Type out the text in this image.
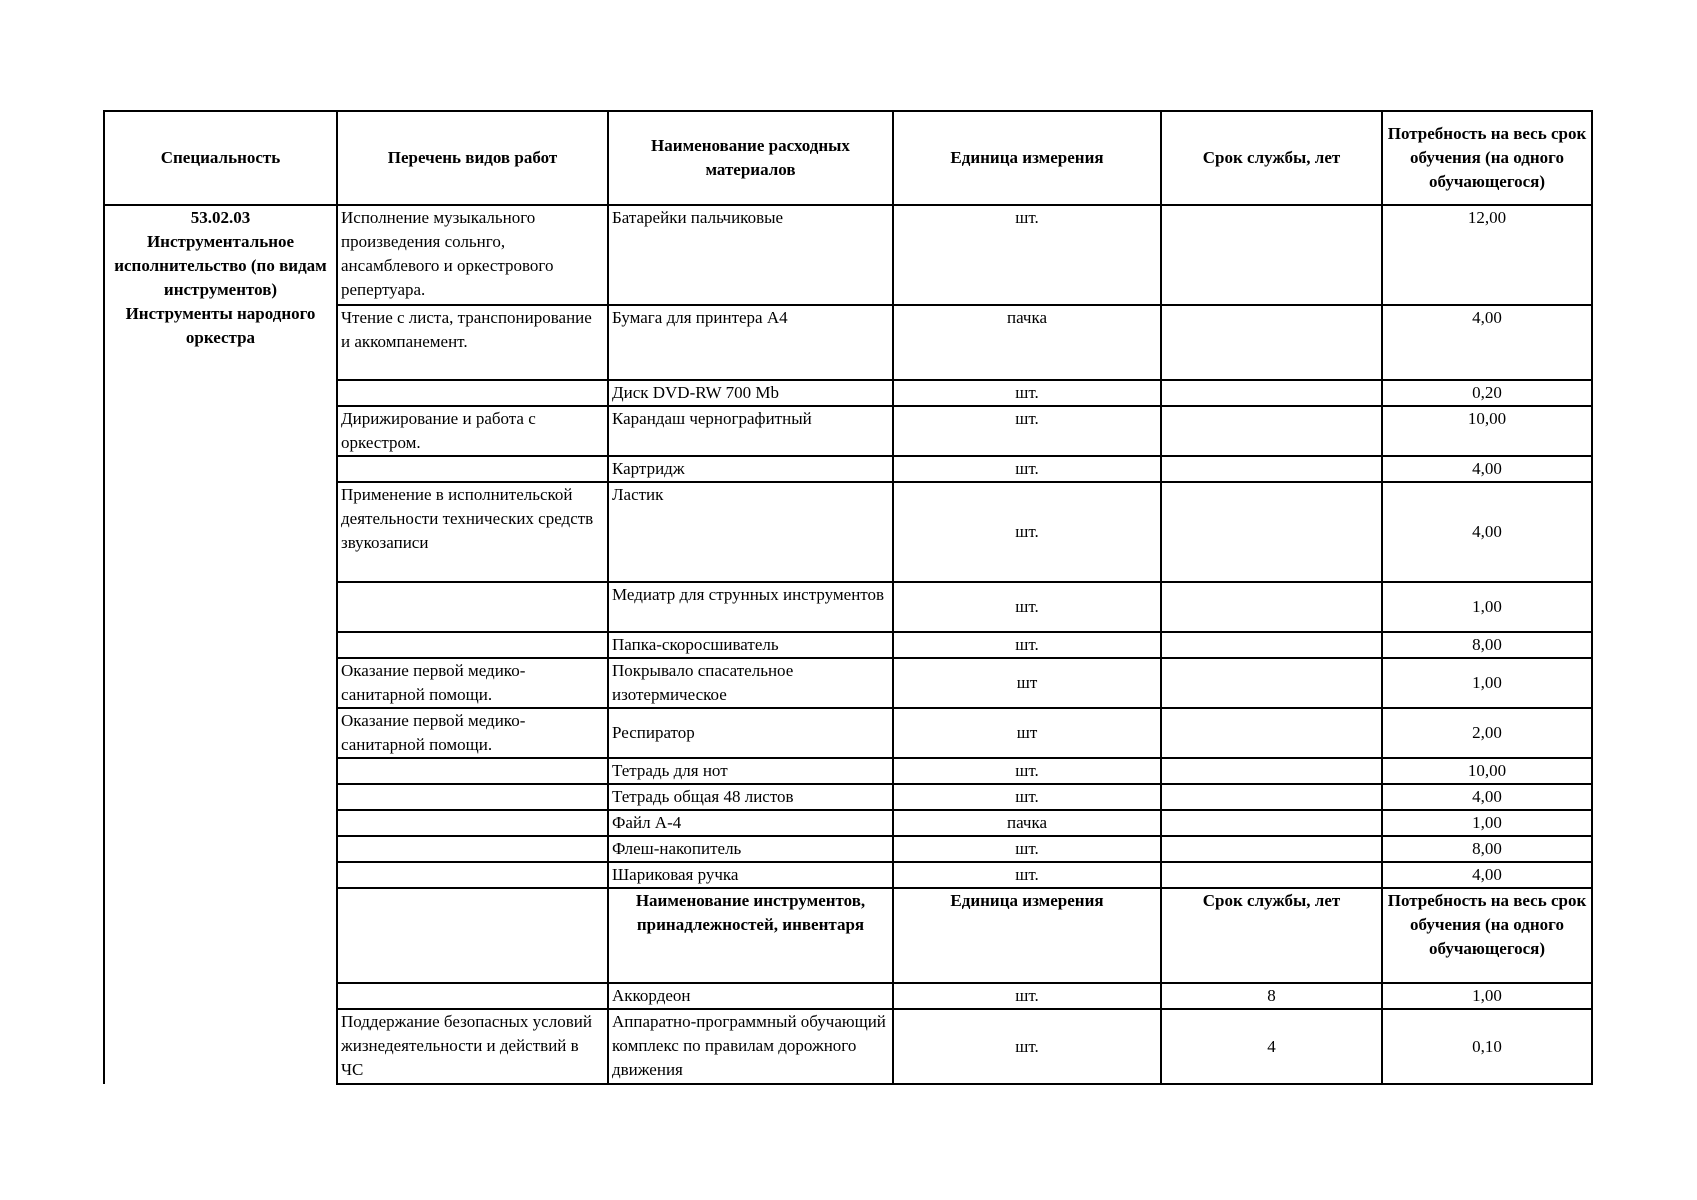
Специальность	Перечень видов работ	Наименование расходных материалов	Единица измерения	Срок службы, лет	Потребность на весь срок обучения (на одного обучающегося)

53.02.03
Инструментальное исполнительство (по видам инструментов)
Инструменты народного оркестра	Исполнение музыкального произведения сольнго, ансамблевого и оркестрового репертуара.	Батарейки пальчиковые	шт.		12,00
	Чтение с листа, транспонирование и аккомпанемент.	Бумага для принтера А4	пачка		4,00
		Диск DVD-RW 700 Mb	шт.		0,20
	Дирижирование и работа с оркестром.	Карандаш черногрaфитный	шт.		10,00
		Картридж	шт.		4,00
	Применение в исполнительской деятельности технических средств звукозаписи	Ластик	шт.		4,00
		Медиатр для струнных инструментов	шт.		1,00
		Папка-скоросшиватель	шт.		8,00
	Оказание первой медико-санитарной помощи.	Покрывало спасательное изотермическое	шт		1,00
	Оказание первой медико-санитарной помощи.	Респиратор	шт		2,00
		Тетрадь для нот	шт.		10,00
		Тетрадь общая 48 листов	шт.		4,00
		Файл А-4	пачка		1,00
		Флеш-накопитель	шт.		8,00
		Шариковая ручка	шт.		4,00
		Наименование инструментов, принадлежностей, инвентаря	Единица измерения	Срок службы, лет	Потребность на весь срок обучения (на одного обучающегося)
		Аккордеон	шт.	8	1,00
	Поддержание безопасных условий жизнедеятельности и действий в ЧС	Аппаратно-программный обучающий комплекс по правилам дорожного движения	шт.	4	0,10
